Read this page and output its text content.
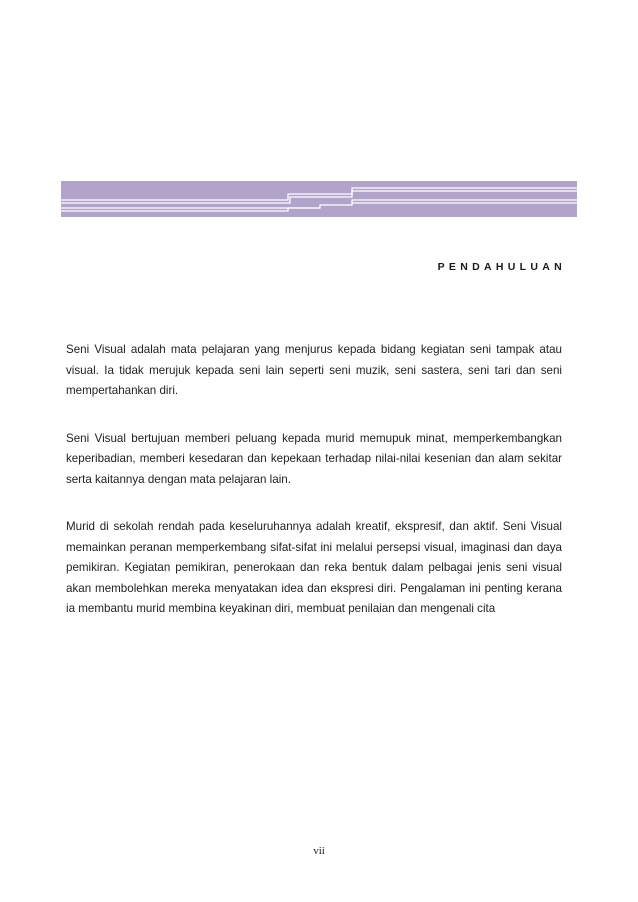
PENDAHULUAN

Seni Visual adalah mata pelajaran yang menjurus kepada bidang kegiatan seni tampak atau visual. Ia tidak merujuk kepada seni lain seperti seni muzik, seni sastera, seni tari dan seni mempertahankan diri.

Seni Visual bertujuan memberi peluang kepada murid memupuk minat, memperkembangkan keperibadian, memberi kesedaran dan kepekaan terhadap nilai-nilai kesenian dan alam sekitar serta kaitannya dengan mata pelajaran lain.

Murid di sekolah rendah pada keseluruhannya adalah kreatif, ekspresif, dan aktif. Seni Visual memainkan peranan memperkembang sifat-sifat ini melalui persepsi visual, imaginasi dan daya pemikiran. Kegiatan pemikiran, penerokaan dan reka bentuk dalam pelbagai jenis seni visual akan membolehkan mereka menyatakan idea dan ekspresi diri. Pengalaman ini penting kerana ia membantu murid membina keyakinan diri, membuat penilaian dan mengenali cita

vii
